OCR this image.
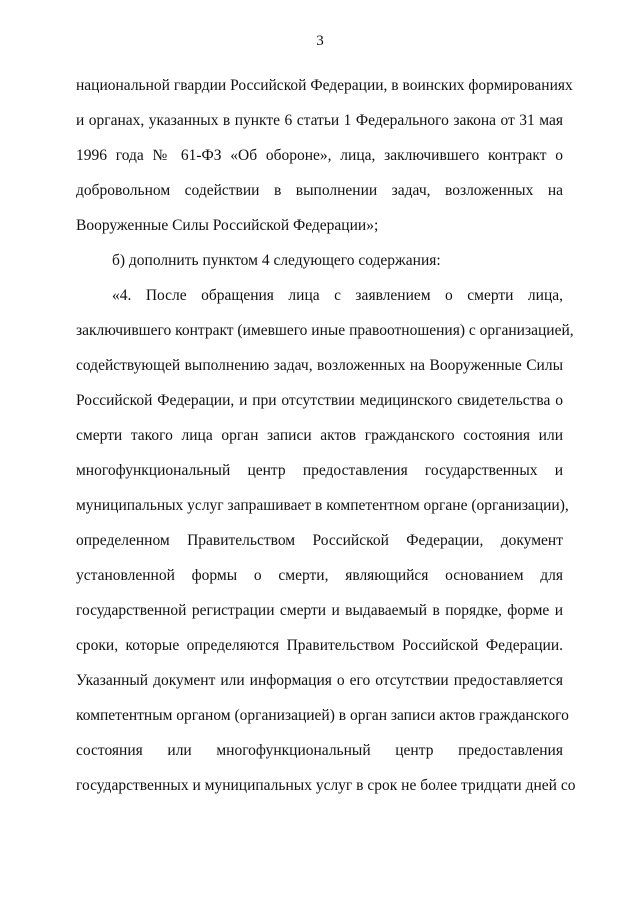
3
национальной гвардии Российской Федерации, в воинских формированиях
и органах, указанных в пункте 6 статьи 1 Федерального закона от 31 мая
1996 года № 61-ФЗ «Об обороне», лица, заключившего контракт о
добровольном содействии в выполнении задач, возложенных на
Вооруженные Силы Российской Федерации»;
б) дополнить пунктом 4 следующего содержания:
«4. После обращения лица с заявлением о смерти лица,
заключившего контракт (имевшего иные правоотношения) с организацией,
содействующей выполнению задач, возложенных на Вооруженные Силы
Российской Федерации, и при отсутствии медицинского свидетельства о
смерти такого лица орган записи актов гражданского состояния или
многофункциональный центр предоставления государственных и
муниципальных услуг запрашивает в компетентном органе (организации),
определенном Правительством Российской Федерации, документ
установленной формы о смерти, являющийся основанием для
государственной регистрации смерти и выдаваемый в порядке, форме и
сроки, которые определяются Правительством Российской Федерации.
Указанный документ или информация о его отсутствии предоставляется
компетентным органом (организацией) в орган записи актов гражданского
состояния или многофункциональный центр предоставления
государственных и муниципальных услуг в срок не более тридцати дней со
